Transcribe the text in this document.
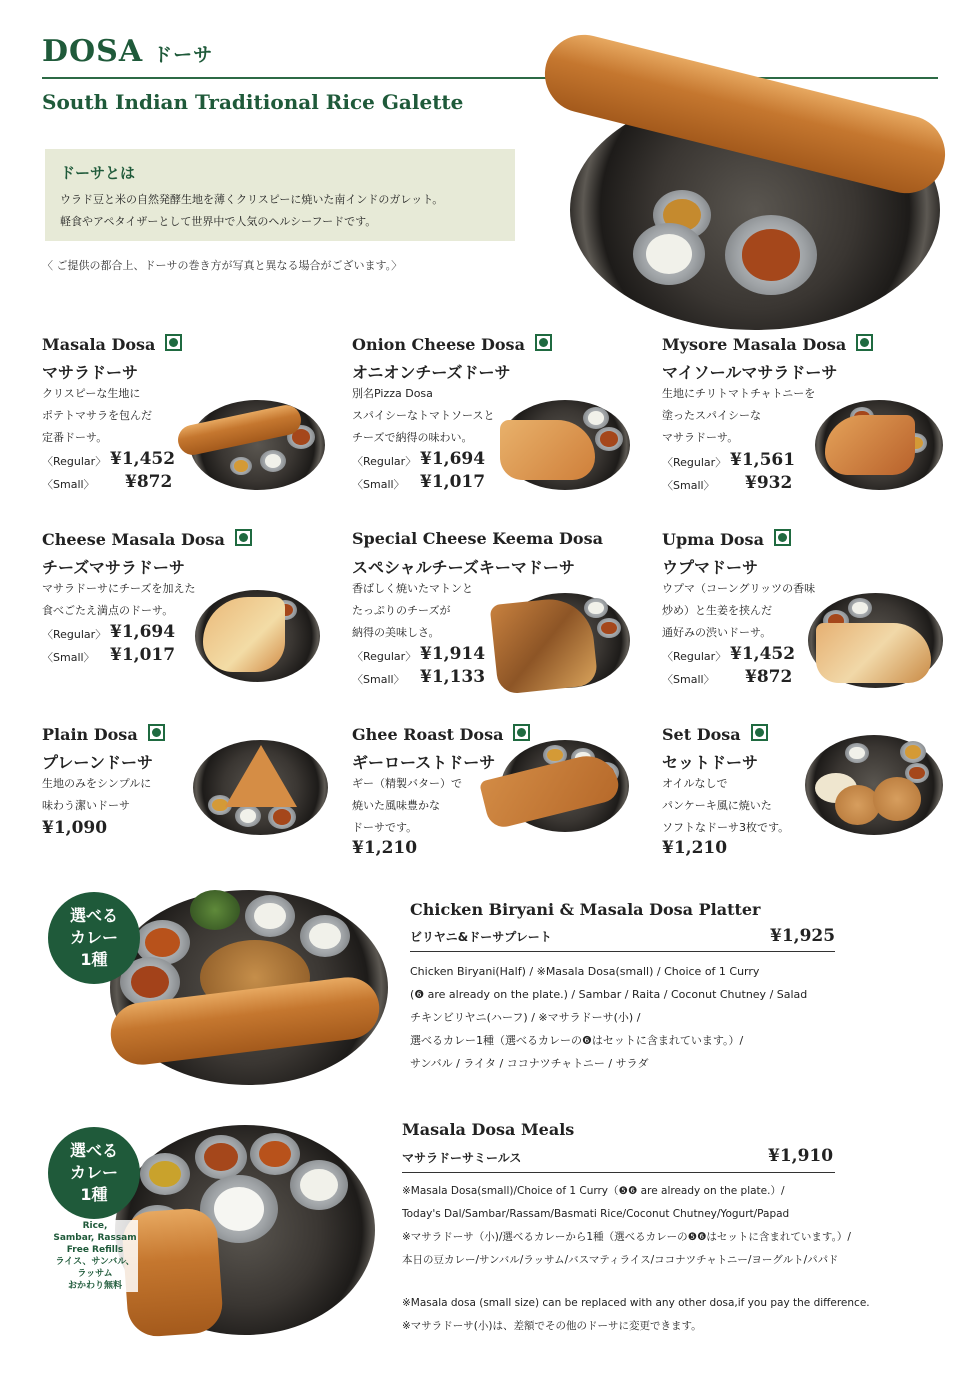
DOSA ドーサ
South Indian Traditional Rice Galette
ドーサとは
ウラド豆と米の自然発酵生地を薄くクリスピーに焼いた南インドのガレット。
軽食やアペタイザーとして世界中で人気のヘルシーフードです。
〈 ご提供の都合上、ドーサの巻き方が写真と異なる場合がございます。〉
Masala Dosa
マサラドーサ
クリスピーな生地に
ポテトマサラを包んだ
定番ドーサ。
〈Regular〉 ¥1,452
〈Small〉 ¥872
Onion Cheese Dosa
オニオンチーズドーサ
別名Pizza Dosa
スパイシーなトマトソースと
チーズで納得の味わい。
〈Regular〉 ¥1,694
〈Small〉 ¥1,017
Mysore Masala Dosa
マイソールマサラドーサ
生地にチリトマトチャトニーを
塗ったスパイシーな
マサラドーサ。
〈Regular〉 ¥1,561
〈Small〉 ¥932
Cheese Masala Dosa
チーズマサラドーサ
マサラドーサにチーズを加えた
食べごたえ満点のドーサ。
〈Regular〉 ¥1,694
〈Small〉 ¥1,017
Special Cheese Keema Dosa
スペシャルチーズキーマドーサ
香ばしく焼いたマトンと
たっぷりのチーズが
納得の美味しさ。
〈Regular〉 ¥1,914
〈Small〉 ¥1,133
Upma Dosa
ウプマドーサ
ウプマ（コーングリッツの香味
炒め）と生姜を挟んだ
通好みの渋いドーサ。
〈Regular〉 ¥1,452
〈Small〉 ¥872
Plain Dosa
プレーンドーサ
生地のみをシンプルに
味わう潔いドーサ
¥1,090
Ghee Roast Dosa
ギーローストドーサ
ギー（精製バター）で
焼いた風味豊かな
ドーサです。
¥1,210
Set Dosa
セットドーサ
オイルなしで
パンケーキ風に焼いた
ソフトなドーサ3枚です。
¥1,210
選べる
カレー
1種
Chicken Biryani & Masala Dosa Platter
ビリヤニ&ドーサプレート	¥1,925
Chicken Biryani(Half) / ※Masala Dosa(small) / Choice of 1 Curry
(❻ are already on the plate.) / Sambar / Raita / Coconut Chutney / Salad
チキンビリヤニ(ハーフ) / ※マサラドーサ(小) /
選べるカレー1種（選べるカレーの❻はセットに含まれています。）/
サンバル / ライタ / ココナツチャトニー / サラダ
選べる
カレー
1種
Rice,
Sambar, Rassam
Free Refills
ライス、サンバル、
ラッサム
おかわり無料
Masala Dosa Meals
マサラドーサミールス	¥1,910
※Masala Dosa(small)/Choice of 1 Curry（❺❻ are already on the plate.）/
Today's Dal/Sambar/Rassam/Basmati Rice/Coconut Chutney/Yogurt/Papad
※マサラドーサ（小)/選べるカレーから1種（選べるカレーの❺❻はセットに含まれています。）/
本日の豆カレー/サンバル/ラッサム/バスマティライス/ココナツチャトニー/ヨーグルト/パパド
※Masala dosa (small size) can be replaced with any other dosa,if you pay the difference.
※マサラドーサ(小)は、差額でその他のドーサに変更できます。
